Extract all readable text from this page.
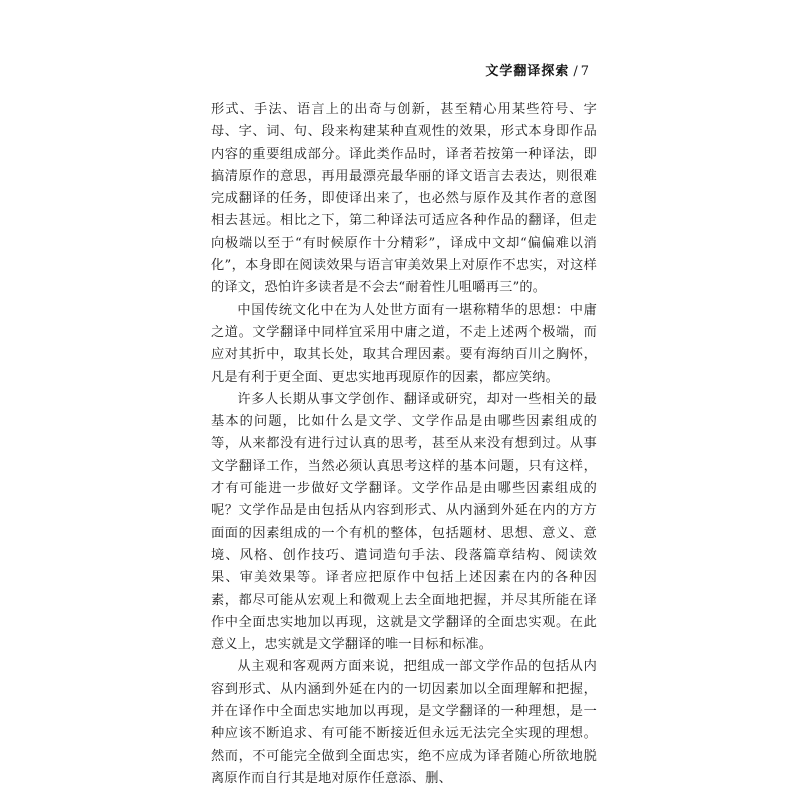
文学翻译探索 / 7

形式、手法、语言上的出奇与创新，甚至精心用某些符号、字母、字、词、句、段来构建某种直观性的效果，形式本身即作品内容的重要组成部分。译此类作品时，译者若按第一种译法，即搞清原作的意思，再用最漂亮最华丽的译文语言去表达，则很难完成翻译的任务，即使译出来了，也必然与原作及其作者的意图相去甚远。相比之下，第二种译法可适应各种作品的翻译，但走向极端以至于“有时候原作十分精彩”，译成中文却“偏偏难以消化”，本身即在阅读效果与语言审美效果上对原作不忠实，对这样的译文，恐怕许多读者是不会去“耐着性儿咀嚼再三”的。

中国传统文化中在为人处世方面有一堪称精华的思想：中庸之道。文学翻译中同样宜采用中庸之道，不走上述两个极端，而应对其折中，取其长处，取其合理因素。要有海纳百川之胸怀，凡是有利于更全面、更忠实地再现原作的因素，都应笑纳。

许多人长期从事文学创作、翻译或研究，却对一些相关的最基本的问题，比如什么是文学、文学作品是由哪些因素组成的等，从来都没有进行过认真的思考，甚至从来没有想到过。从事文学翻译工作，当然必须认真思考这样的基本问题，只有这样，才有可能进一步做好文学翻译。文学作品是由哪些因素组成的呢？文学作品是由包括从内容到形式、从内涵到外延在内的方方面面的因素组成的一个有机的整体，包括题材、思想、意义、意境、风格、创作技巧、遣词造句手法、段落篇章结构、阅读效果、审美效果等。译者应把原作中包括上述因素在内的各种因素，都尽可能从宏观上和微观上去全面地把握，并尽其所能在译作中全面忠实地加以再现，这就是文学翻译的全面忠实观。在此意义上，忠实就是文学翻译的唯一目标和标准。

从主观和客观两方面来说，把组成一部文学作品的包括从内容到形式、从内涵到外延在内的一切因素加以全面理解和把握，并在译作中全面忠实地加以再现，是文学翻译的一种理想，是一种应该不断追求、有可能不断接近但永远无法完全实现的理想。然而，不可能完全做到全面忠实，绝不应成为译者随心所欲地脱离原作而自行其是地对原作任意添、删、
